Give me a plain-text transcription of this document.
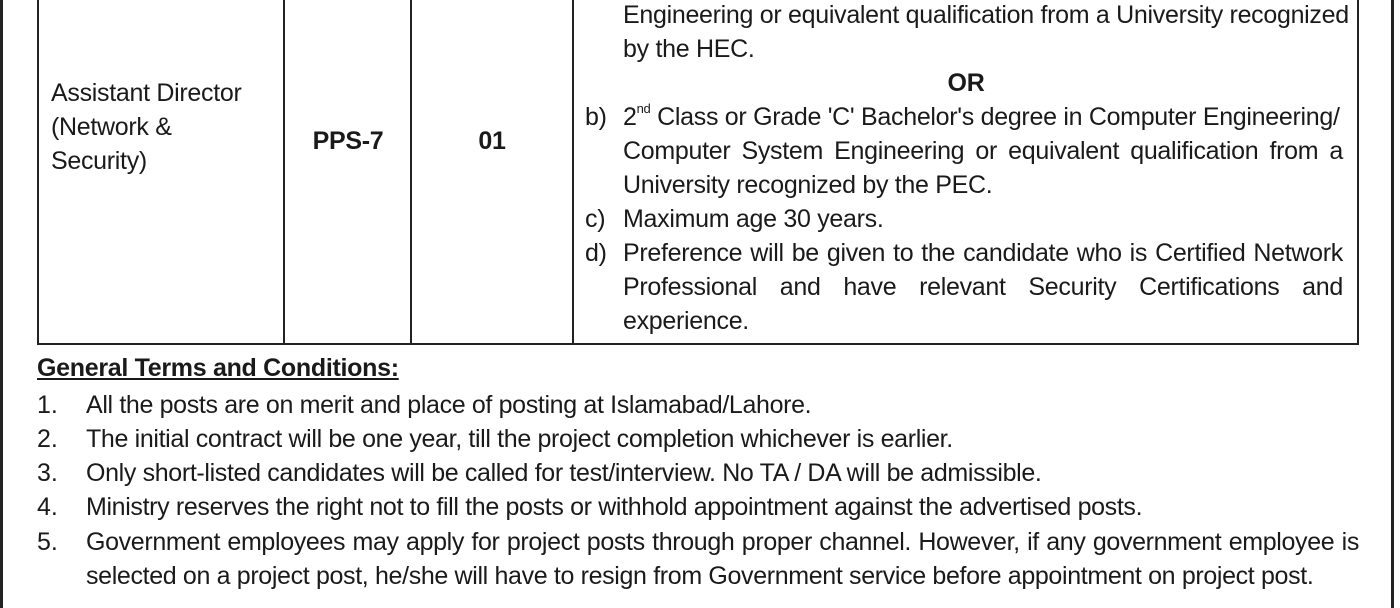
Assistant Director
(Network &
Security)
PPS-7	01
Engineering or equivalent qualification from a University recognized
by the HEC.
OR
b) 2nd Class or Grade 'C' Bachelor's degree in Computer Engineering/
Computer System Engineering or equivalent qualification from a
University recognized by the PEC.
c) Maximum age 30 years.
d) Preference will be given to the candidate who is Certified Network
Professional and have relevant Security Certifications and
experience.
General Terms and Conditions:
1. All the posts are on merit and place of posting at Islamabad/Lahore.
2. The initial contract will be one year, till the project completion whichever is earlier.
3. Only short-listed candidates will be called for test/interview. No TA / DA will be admissible.
4. Ministry reserves the right not to fill the posts or withhold appointment against the advertised posts.
5. Government employees may apply for project posts through proper channel. However, if any government employee is
selected on a project post, he/she will have to resign from Government service before appointment on project post.
